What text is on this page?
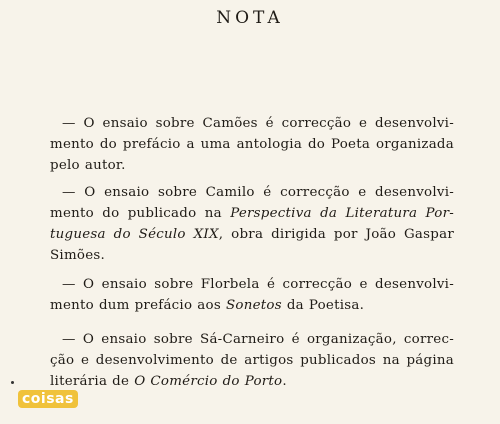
NOTA
— O ensaio sobre Camões é correcção e desenvolvi-
mento do prefácio a uma antologia do Poeta organizada
pelo autor.
— O ensaio sobre Camilo é correcção e desenvolvi-
mento do publicado na Perspectiva da Literatura Por-
tuguesa do Século XIX, obra dirigida por João Gaspar
Simões.
— O ensaio sobre Florbela é correcção e desenvolvi-
mento dum prefácio aos Sonetos da Poetisa.
— O ensaio sobre Sá-Carneiro é organização, correc-
ção e desenvolvimento de artigos publicados na página
literária de O Comércio do Porto.
coisas
